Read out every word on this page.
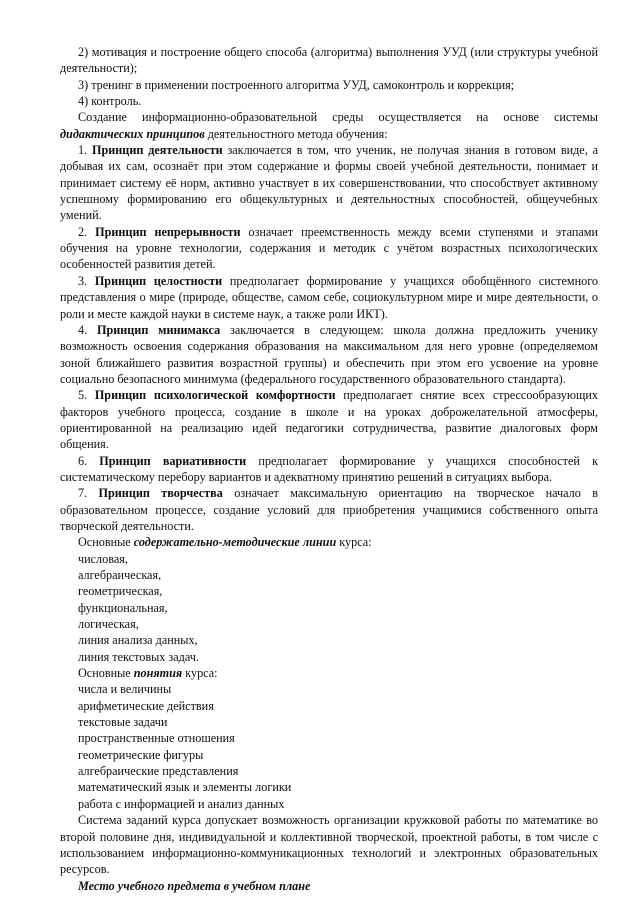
2) мотивация и построение общего способа (алгоритма) выполнения УУД (или структуры учебной деятельности);

3) тренинг в применении построенного алгоритма УУД, самоконтроль и коррекция;

4) контроль.

Создание информационно-образовательной среды осуществляется на основе системы дидактических принципов деятельностного метода обучения:

1. Принцип деятельности заключается в том, что ученик, не получая знания в готовом виде, а добывая их сам, осознаёт при этом содержание и формы своей учебной деятельности, понимает и принимает систему её норм, активно участвует в их совершенствовании, что способствует активному успешному формированию его общекультурных и деятельностных способностей, общеучебных умений.

2. Принцип непрерывности означает преемственность между всеми ступенями и этапами обучения на уровне технологии, содержания и методик с учётом возрастных психологических особенностей развития детей.

3. Принцип целостности предполагает формирование у учащихся обобщённого системного представления о мире (природе, обществе, самом себе, социокультурном мире и мире деятельности, о роли и месте каждой науки в системе наук, а также роли ИКТ).

4. Принцип минимакса заключается в следующем: школа должна предложить ученику возможность освоения содержания образования на максимальном для него уровне (определяемом зоной ближайшего развития возрастной группы) и обеспечить при этом его усвоение на уровне социально безопасного минимума (федерального государственного образовательного стандарта).

5. Принцип психологической комфортности предполагает снятие всех стрессообразующих факторов учебного процесса, создание в школе и на уроках доброжелательной атмосферы, ориентированной на реализацию идей педагогики сотрудничества, развитие диалоговых форм общения.

6. Принцип вариативности предполагает формирование у учащихся способностей к систематическому перебору вариантов и адекватному принятию решений в ситуациях выбора.

7. Принцип творчества означает максимальную ориентацию на творческое начало в образовательном процессе, создание условий для приобретения учащимися собственного опыта творческой деятельности.

Основные содержательно-методические линии курса:

числовая,
алгебраическая,
геометрическая,
функциональная,
логическая,
линия анализа данных,
линия текстовых задач.

Основные понятия курса:

числа и величины
арифметические действия
текстовые задачи
пространственные отношения
геометрические фигуры
алгебраические представления
математический язык и элементы логики
работа с информацией и анализ данных

Система заданий курса допускает возможность организации кружковой работы по математике во второй половине дня, индивидуальной и коллективной творческой, проектной работы, в том числе с использованием информационно-коммуникационных технологий и электронных образовательных ресурсов.

Место учебного предмета в учебном плане
